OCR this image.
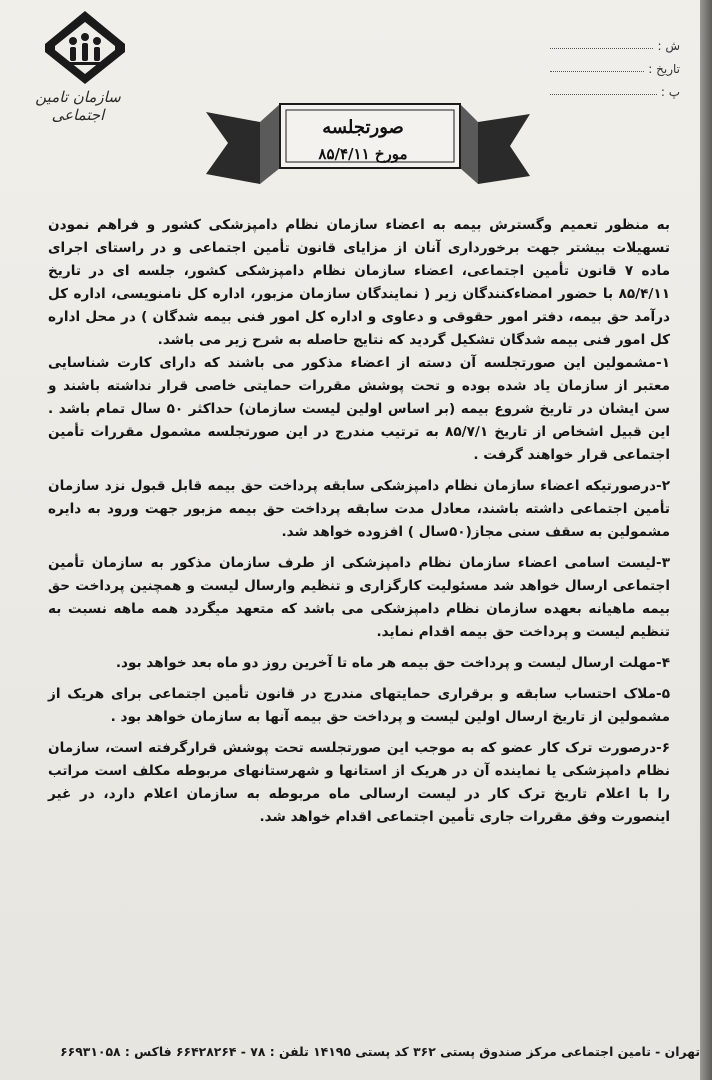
سازمان تامین اجتماعی
ش :
تاریخ :
پ :
صورتجلسه
مورخ ۸۵/۴/۱۱

به منظور تعمیم وگسترش بیمه به اعضاء سازمان نظام دامپزشکی کشور و فراهم نمودن تسهیلات بیشتر جهت برخورداری آنان از مزایای قانون تأمین اجتماعی و در راستای اجرای ماده ۷ قانون تأمین اجتماعی، اعضاء سازمان نظام دامپزشکی کشور، جلسه ای در تاریخ ۸۵/۴/۱۱ با حضور امضاءکنندگان زیر ( نمایندگان سازمان مزبور، اداره کل نامنویسی، اداره کل درآمد حق بیمه، دفتر امور حقوقی و دعاوی و اداره کل امور فنی بیمه شدگان ) در محل اداره کل امور فنی بیمه شدگان تشکیل گردید که نتایج حاصله به شرح زیر می باشد.

۱-مشمولین این صورتجلسه آن دسته از اعضاء مذکور می باشند که دارای کارت شناسایی معتبر از سازمان یاد شده بوده و تحت پوشش مقررات حمایتی خاصی قرار نداشته باشند و سن ایشان در تاریخ شروع بیمه (بر اساس اولین لیست سازمان) حداکثر ۵۰ سال تمام باشد . این قبیل اشخاص از تاریخ ۸۵/۷/۱ به ترتیب مندرج در این صورتجلسه مشمول مقررات تأمین اجتماعی قرار خواهند گرفت .

۲-درصورتیکه اعضاء سازمان نظام دامپزشکی سابقه پرداخت حق بیمه قابل قبول نزد سازمان تأمین اجتماعی داشته باشند، معادل مدت سابقه پرداخت حق بیمه مزبور جهت ورود به دایره مشمولین به سقف سنی مجاز(۵۰سال ) افزوده خواهد شد.

۳-لیست اسامی اعضاء سازمان نظام دامپزشکی از طرف سازمان مذکور به سازمان تأمین اجتماعی ارسال خواهد شد مسئولیت کارگزاری و تنظیم وارسال لیست و همچنین پرداخت حق بیمه ماهیانه بعهده سازمان نظام دامپزشکی می باشد که متعهد میگردد همه ماهه نسبت به تنظیم لیست و پرداخت حق بیمه اقدام نماید.

۴-مهلت ارسال لیست و پرداخت حق بیمه هر ماه تا آخرین روز دو ماه بعد خواهد بود.

۵-ملاک احتساب سابقه و برقراری حمایتهای مندرج در قانون تأمین اجتماعی برای هریک از مشمولین از تاریخ ارسال اولین لیست و پرداخت حق بیمه آنها به سازمان خواهد بود .

۶-درصورت ترک کار عضو که به موجب این صورتجلسه تحت پوشش قرارگرفته است، سازمان نظام دامپزشکی یا نماینده آن در هریک از استانها و شهرستانهای مربوطه مکلف است مراتب را با اعلام تاریخ ترک کار در لیست ارسالی ماه مربوطه به سازمان اعلام دارد، در غیر اینصورت وفق مقررات جاری تأمین اجتماعی اقدام خواهد شد.

تهران - تامین اجتماعی مرکز صندوق پستی ۳۶۲ کد پستی ۱۴۱۹۵ تلفن : ۷۸ - ۶۶۴۲۸۲۶۴ فاکس : ۶۶۹۳۱۰۵۸
